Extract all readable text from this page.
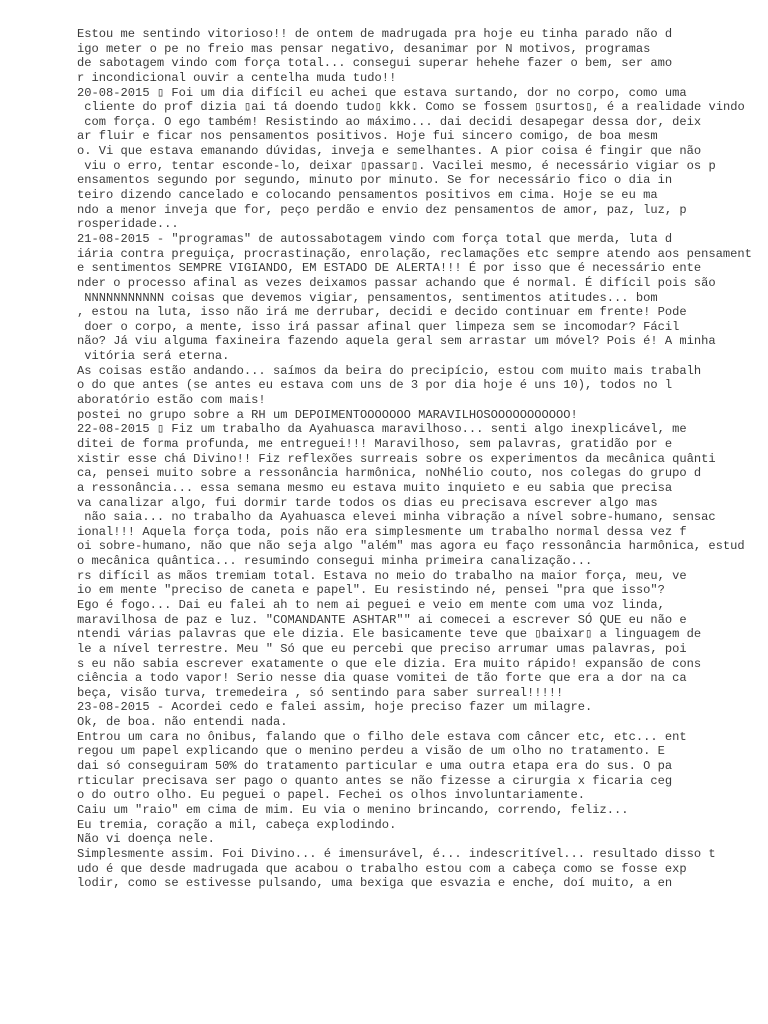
Estou me sentindo vitorioso!! de ontem de madrugada pra hoje eu tinha parado não d
igo meter o pe no freio mas pensar negativo, desanimar por N motivos, programas
de sabotagem vindo com força total... consegui superar hehehe fazer o bem, ser amo
r incondicional ouvir a centelha muda tudo!!
20-08-2015 ▯ Foi um dia difícil eu achei que estava surtando, dor no corpo, como uma
cliente do prof dizia ▯ai tá doendo tudo▯ kkk. Como se fossem ▯surtos▯, é a realidade vindo
com força. O ego também! Resistindo ao máximo... dai decidi desapegar dessa dor, deix
ar fluir e ficar nos pensamentos positivos. Hoje fui sincero comigo, de boa mesm
o. Vi que estava emanando dúvidas, inveja e semelhantes. A pior coisa é fingir que não
viu o erro, tentar esconde-lo, deixar ▯passar▯. Vacilei mesmo, é necessário vigiar os p
ensamentos segundo por segundo, minuto por minuto. Se for necessário fico o dia in
teiro dizendo cancelado e colocando pensamentos positivos em cima. Hoje se eu ma
ndo a menor inveja que for, peço perdão e envio dez pensamentos de amor, paz, luz, p
rosperidade...
21-08-2015 - "programas" de autossabotagem vindo com força total que merda, luta d
iária contra preguiça, procrastinação, enrolação, reclamações etc sempre atendo aos pensament
e sentimentos SEMPRE VIGIANDO, EM ESTADO DE ALERTA!!! É por isso que é necessário ente
nder o processo afinal as vezes deixamos passar achando que é normal. É difícil pois são
NNNNNNNNNNN coisas que devemos vigiar, pensamentos, sentimentos atitudes... bom
, estou na luta, isso não irá me derrubar, decidi e decido continuar em frente! Pode
doer o corpo, a mente, isso irá passar afinal quer limpeza sem se incomodar? Fácil
não? Já viu alguma faxineira fazendo aquela geral sem arrastar um móvel? Pois é! A minha
vitória será eterna.
As coisas estão andando... saímos da beira do precipício, estou com muito mais trabalh
o do que antes (se antes eu estava com uns de 3 por dia hoje é uns 10), todos no l
aboratório estão com mais!
postei no grupo sobre a RH um DEPOIMENTOOOOOOO MARAVILHOSOOOOOOOOOOO!
22-08-2015 ▯ Fiz um trabalho da Ayahuasca maravilhoso... senti algo inexplicável, me
ditei de forma profunda, me entreguei!!! Maravilhoso, sem palavras, gratidão por e
xistir esse chá Divino!! Fiz reflexões surreais sobre os experimentos da mecânica quânti
ca, pensei muito sobre a ressonância harmônica, noNhélio couto, nos colegas do grupo d
a ressonância... essa semana mesmo eu estava muito inquieto e eu sabia que precisa
va canalizar algo, fui dormir tarde todos os dias eu precisava escrever algo mas
não saia... no trabalho da Ayahuasca elevei minha vibração a nível sobre-humano, sensac
ional!!! Aquela força toda, pois não era simplesmente um trabalho normal dessa vez f
oi sobre-humano, não que não seja algo "além" mas agora eu faço ressonância harmônica, estud
o mecânica quântica... resumindo consegui minha primeira canalização...
rs difícil as mãos tremiam total. Estava no meio do trabalho na maior força, meu, ve
io em mente "preciso de caneta e papel". Eu resistindo né, pensei "pra que isso"?
Ego é fogo... Dai eu falei ah to nem ai peguei e veio em mente com uma voz linda,
maravilhosa de paz e luz. "COMANDANTE ASHTAR"" ai comecei a escrever SÓ QUE eu não e
ntendi várias palavras que ele dizia. Ele basicamente teve que ▯baixar▯ a linguagem de
le a nível terrestre. Meu " Só que eu percebi que preciso arrumar umas palavras, poi
s eu não sabia escrever exatamente o que ele dizia. Era muito rápido! expansão de cons
ciência a todo vapor! Serio nesse dia quase vomitei de tão forte que era a dor na ca
beça, visão turva, tremedeira , só sentindo para saber surreal!!!!!
23-08-2015 - Acordei cedo e falei assim, hoje preciso fazer um milagre.
Ok, de boa. não entendi nada.
Entrou um cara no ônibus, falando que o filho dele estava com câncer etc, etc... ent
regou um papel explicando que o menino perdeu a visão de um olho no tratamento. E
dai só conseguiram 50% do tratamento particular e uma outra etapa era do sus. O pa
rticular precisava ser pago o quanto antes se não fizesse a cirurgia x ficaria ceg
o do outro olho. Eu peguei o papel. Fechei os olhos involuntariamente.
Caiu um "raio" em cima de mim. Eu via o menino brincando, correndo, feliz...
Eu tremia, coração a mil, cabeça explodindo.
Não vi doença nele.
Simplesmente assim. Foi Divino... é imensurável, é... indescritível... resultado disso t
udo é que desde madrugada que acabou o trabalho estou com a cabeça como se fosse exp
lodir, como se estivesse pulsando, uma bexiga que esvazia e enche, doí muito, a en
